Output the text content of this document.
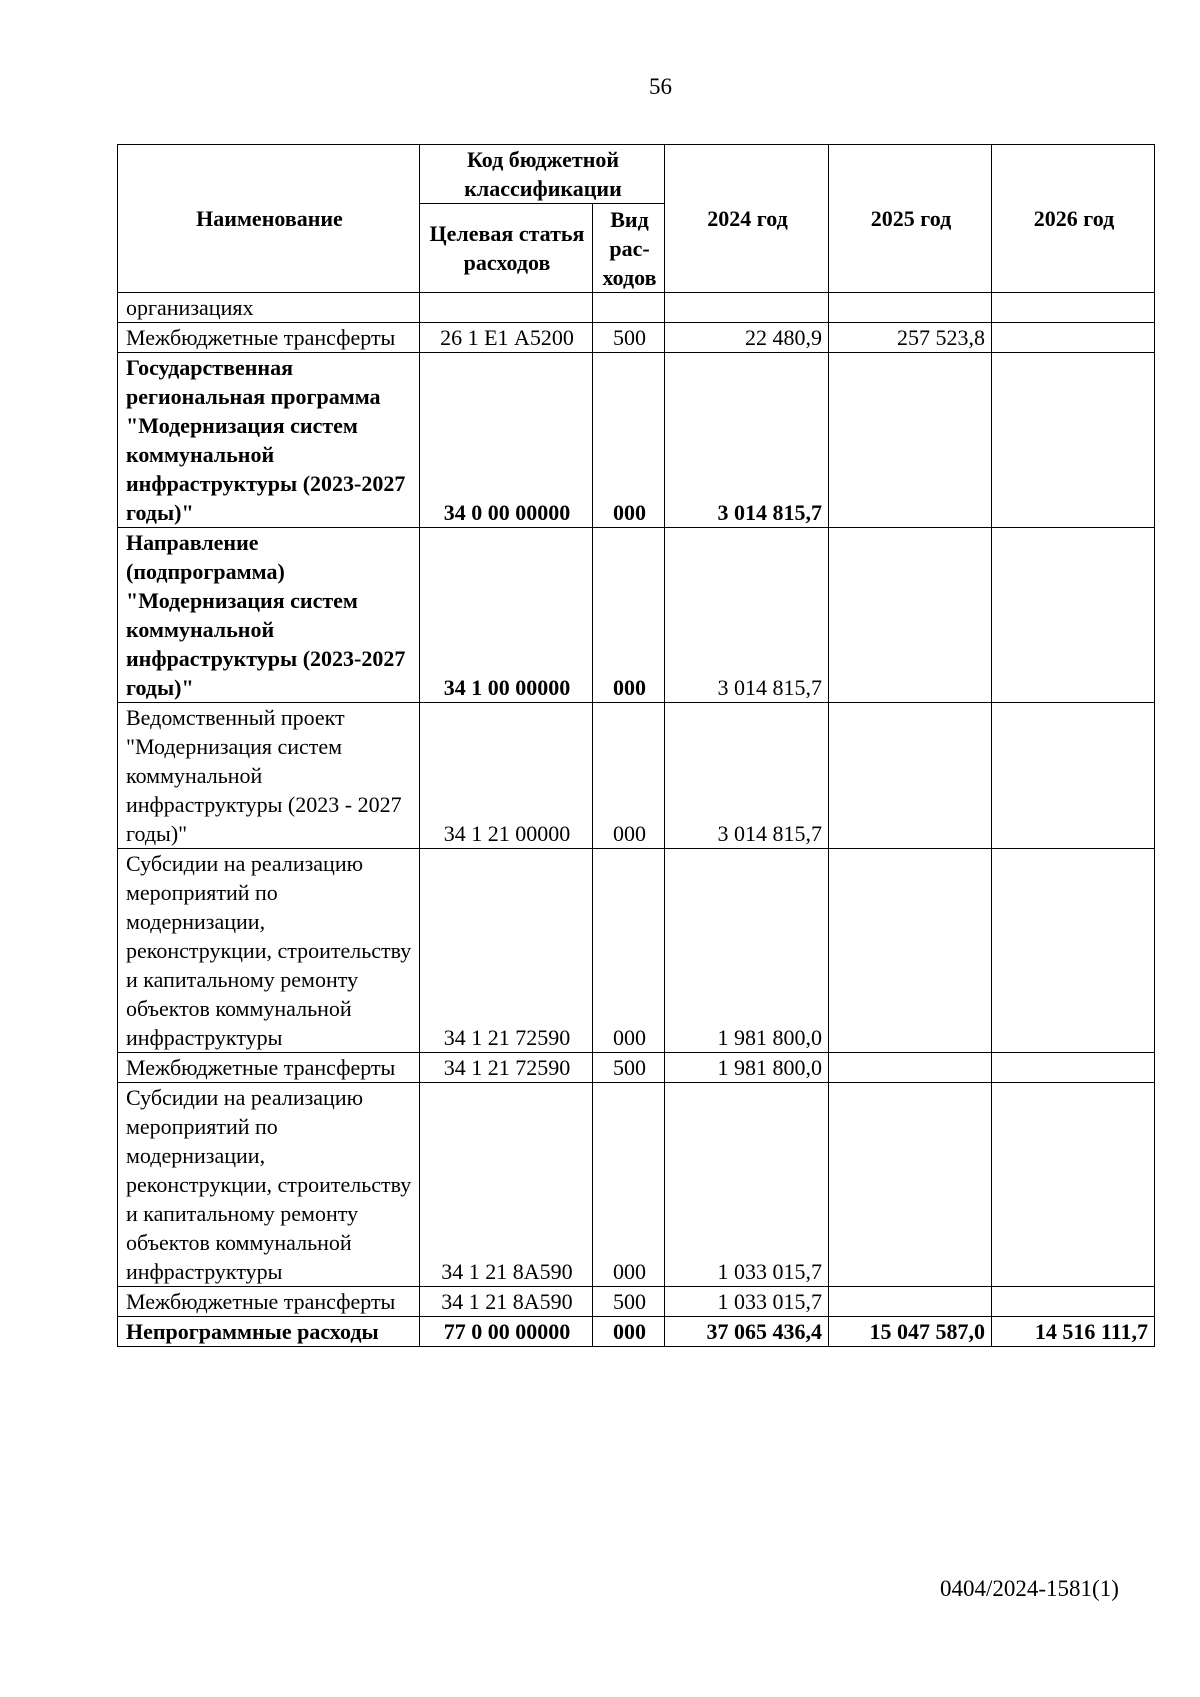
56
Наименование	Код бюджетной классификации		2024 год	2025 год	2026 год
	Целевая статья расходов	Вид рас-ходов			
организациях					
Межбюджетные трансферты	26 1 Е1 А5200	500	22 480,9	257 523,8	
Государственная региональная программа "Модернизация систем коммунальной инфраструктуры (2023-2027 годы)"	34 0 00 00000	000	3 014 815,7		
Направление (подпрограмма) "Модернизация систем коммунальной инфраструктуры (2023-2027 годы)"	34 1 00 00000	000	3 014 815,7		
Ведомственный проект "Модернизация систем коммунальной инфраструктуры (2023 - 2027 годы)"	34 1 21 00000	000	3 014 815,7		
Субсидии на реализацию мероприятий по модернизации, реконструкции, строительству и капитальному ремонту объектов коммунальной инфраструктуры	34 1 21 72590	000	1 981 800,0		
Межбюджетные трансферты	34 1 21 72590	500	1 981 800,0		
Субсидии на реализацию мероприятий по модернизации, реконструкции, строительству и капитальному ремонту объектов коммунальной инфраструктуры	34 1 21 8А590	000	1 033 015,7		
Межбюджетные трансферты	34 1 21 8А590	500	1 033 015,7		
Непрограммные расходы	77 0 00 00000	000	37 065 436,4	15 047 587,0	14 516 111,7
0404/2024-1581(1)
